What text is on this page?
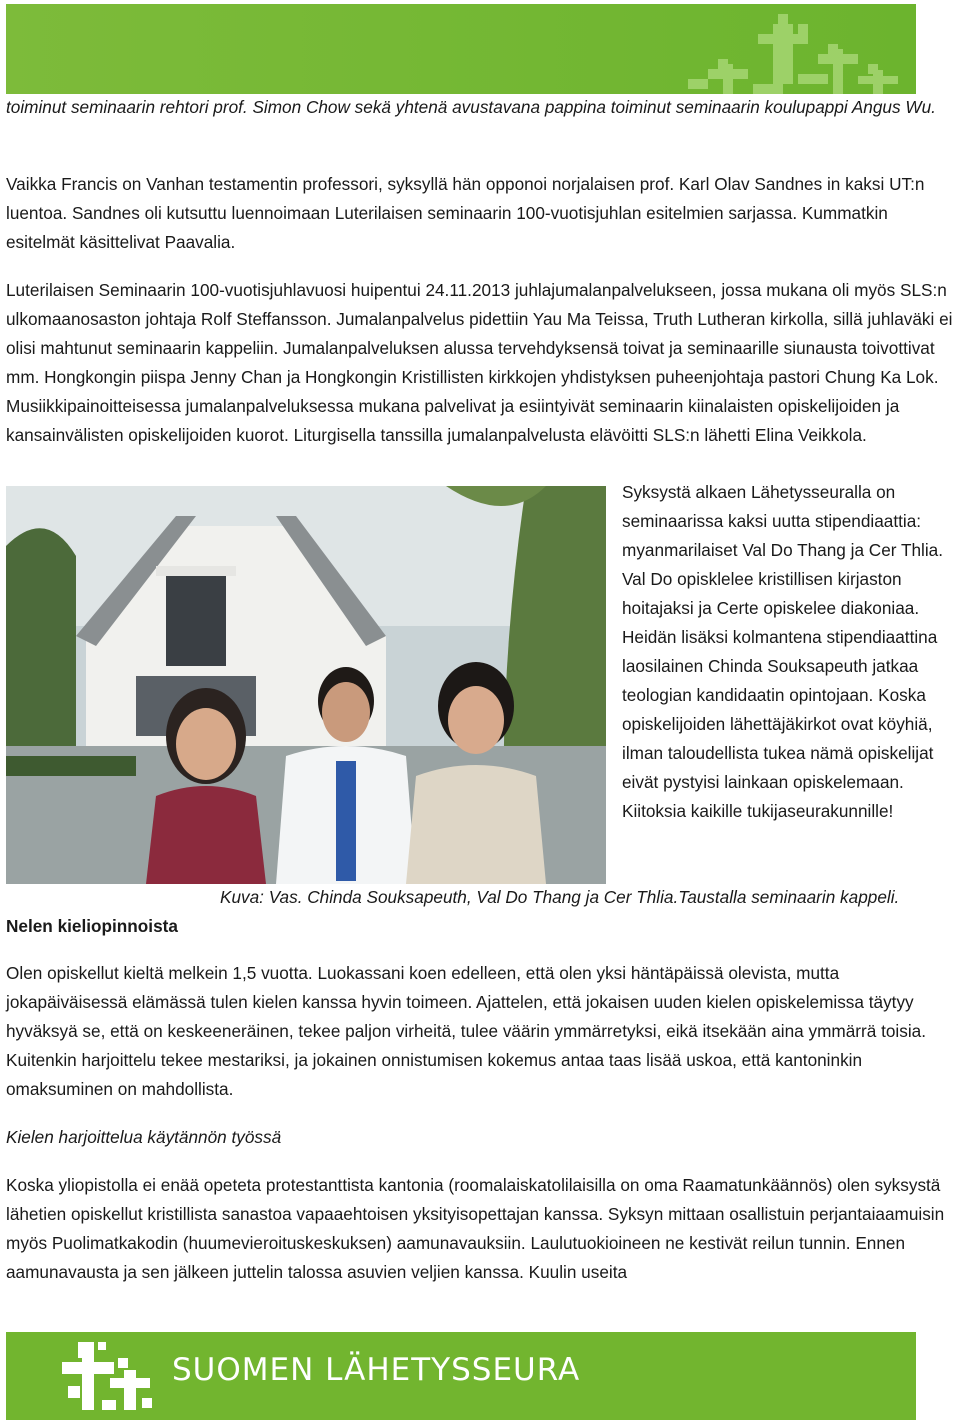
toiminut seminaarin rehtori prof. Simon Chow sekä yhtenä avustavana pappina toiminut seminaarin koulupappi Angus Wu.

Vaikka Francis on Vanhan testamentin professori, syksyllä hän opponoi norjalaisen prof. Karl Olav Sandnes in kaksi UT:n luentoa. Sandnes oli kutsuttu luennoimaan Luterilaisen seminaarin 100-vuotisjuhlan esitelmien sarjassa. Kummatkin esitelmät käsittelivat Paavalia.

Luterilaisen Seminaarin 100-vuotisjuhlavuosi huipentui 24.11.2013 juhlajumalanpalvelukseen, jossa mukana oli myös SLS:n ulkomaanosaston johtaja Rolf Steffansson. Jumalanpalvelus pidettiin Yau Ma Teissa, Truth Lutheran kirkolla, sillä juhlaväki ei olisi mahtunut seminaarin kappeliin. Jumalanpalveluksen alussa tervehdyksensä toivat ja seminaarille siunausta toivottivat mm. Hongkongin piispa Jenny Chan ja Hongkongin Kristillisten kirkkojen yhdistyksen puheenjohtaja pastori Chung Ka Lok. Musiikkipainoitteisessa jumalanpalveluksessa mukana palvelivat ja esiintyivät seminaarin kiinalaisten opiskelijoiden ja kansainvälisten opiskelijoiden kuorot. Liturgisella tanssilla jumalanpalvelusta elävöitti SLS:n lähetti Elina Veikkola.

Syksystä alkaen Lähetysseuralla on seminaarissa kaksi uutta stipendiaattia: myanmarilaiset Val Do Thang ja Cer Thlia. Val Do opisklelee kristillisen kirjaston hoitajaksi ja Certe opiskelee diakoniaa. Heidän lisäksi kolmantena stipendiaattina laosilainen Chinda Souksapeuth jatkaa teologian kandidaatin opintojaan. Koska opiskelijoiden lähettäjäkirkot ovat köyhiä, ilman taloudellista tukea nämä opiskelijat eivät pystyisi lainkaan opiskelemaan. Kiitoksia kaikille tukijaseurakunnille!

Kuva: Vas. Chinda Souksapeuth, Val Do Thang ja Cer Thlia.Taustalla seminaarin kappeli.

Nelen kieliopinnoista

Olen opiskellut kieltä melkein 1,5 vuotta. Luokassani koen edelleen, että olen yksi häntäpäissä olevista, mutta jokapäiväisessä elämässä tulen kielen kanssa hyvin toimeen. Ajattelen, että jokaisen uuden kielen opiskelemissa täytyy hyväksyä se, että on keskeeneräinen, tekee paljon virheitä, tulee väärin ymmärretyksi, eikä itsekään aina ymmärrä toisia. Kuitenkin harjoittelu tekee mestariksi, ja jokainen onnistumisen kokemus antaa taas lisää uskoa, että kantoninkin omaksuminen on mahdollista.

Kielen harjoittelua käytännön työssä

Koska yliopistolla ei enää opeteta protestanttista kantonia (roomalaiskatolilaisilla on oma Raamatunkäännös) olen syksystä lähetien opiskellut kristillista sanastoa vapaaehtoisen yksityisopettajan kanssa. Syksyn mittaan osallistuin perjantaiaamuisin myös Puolimatkakodin (huumevieroituskeskuksen) aamunavauksiin. Laulutuokioineen ne kestivät reilun tunnin. Ennen aamunavausta ja sen jälkeen juttelin talossa asuvien veljien kanssa. Kuulin useita

SUOMEN LÄHETYSSEURA
